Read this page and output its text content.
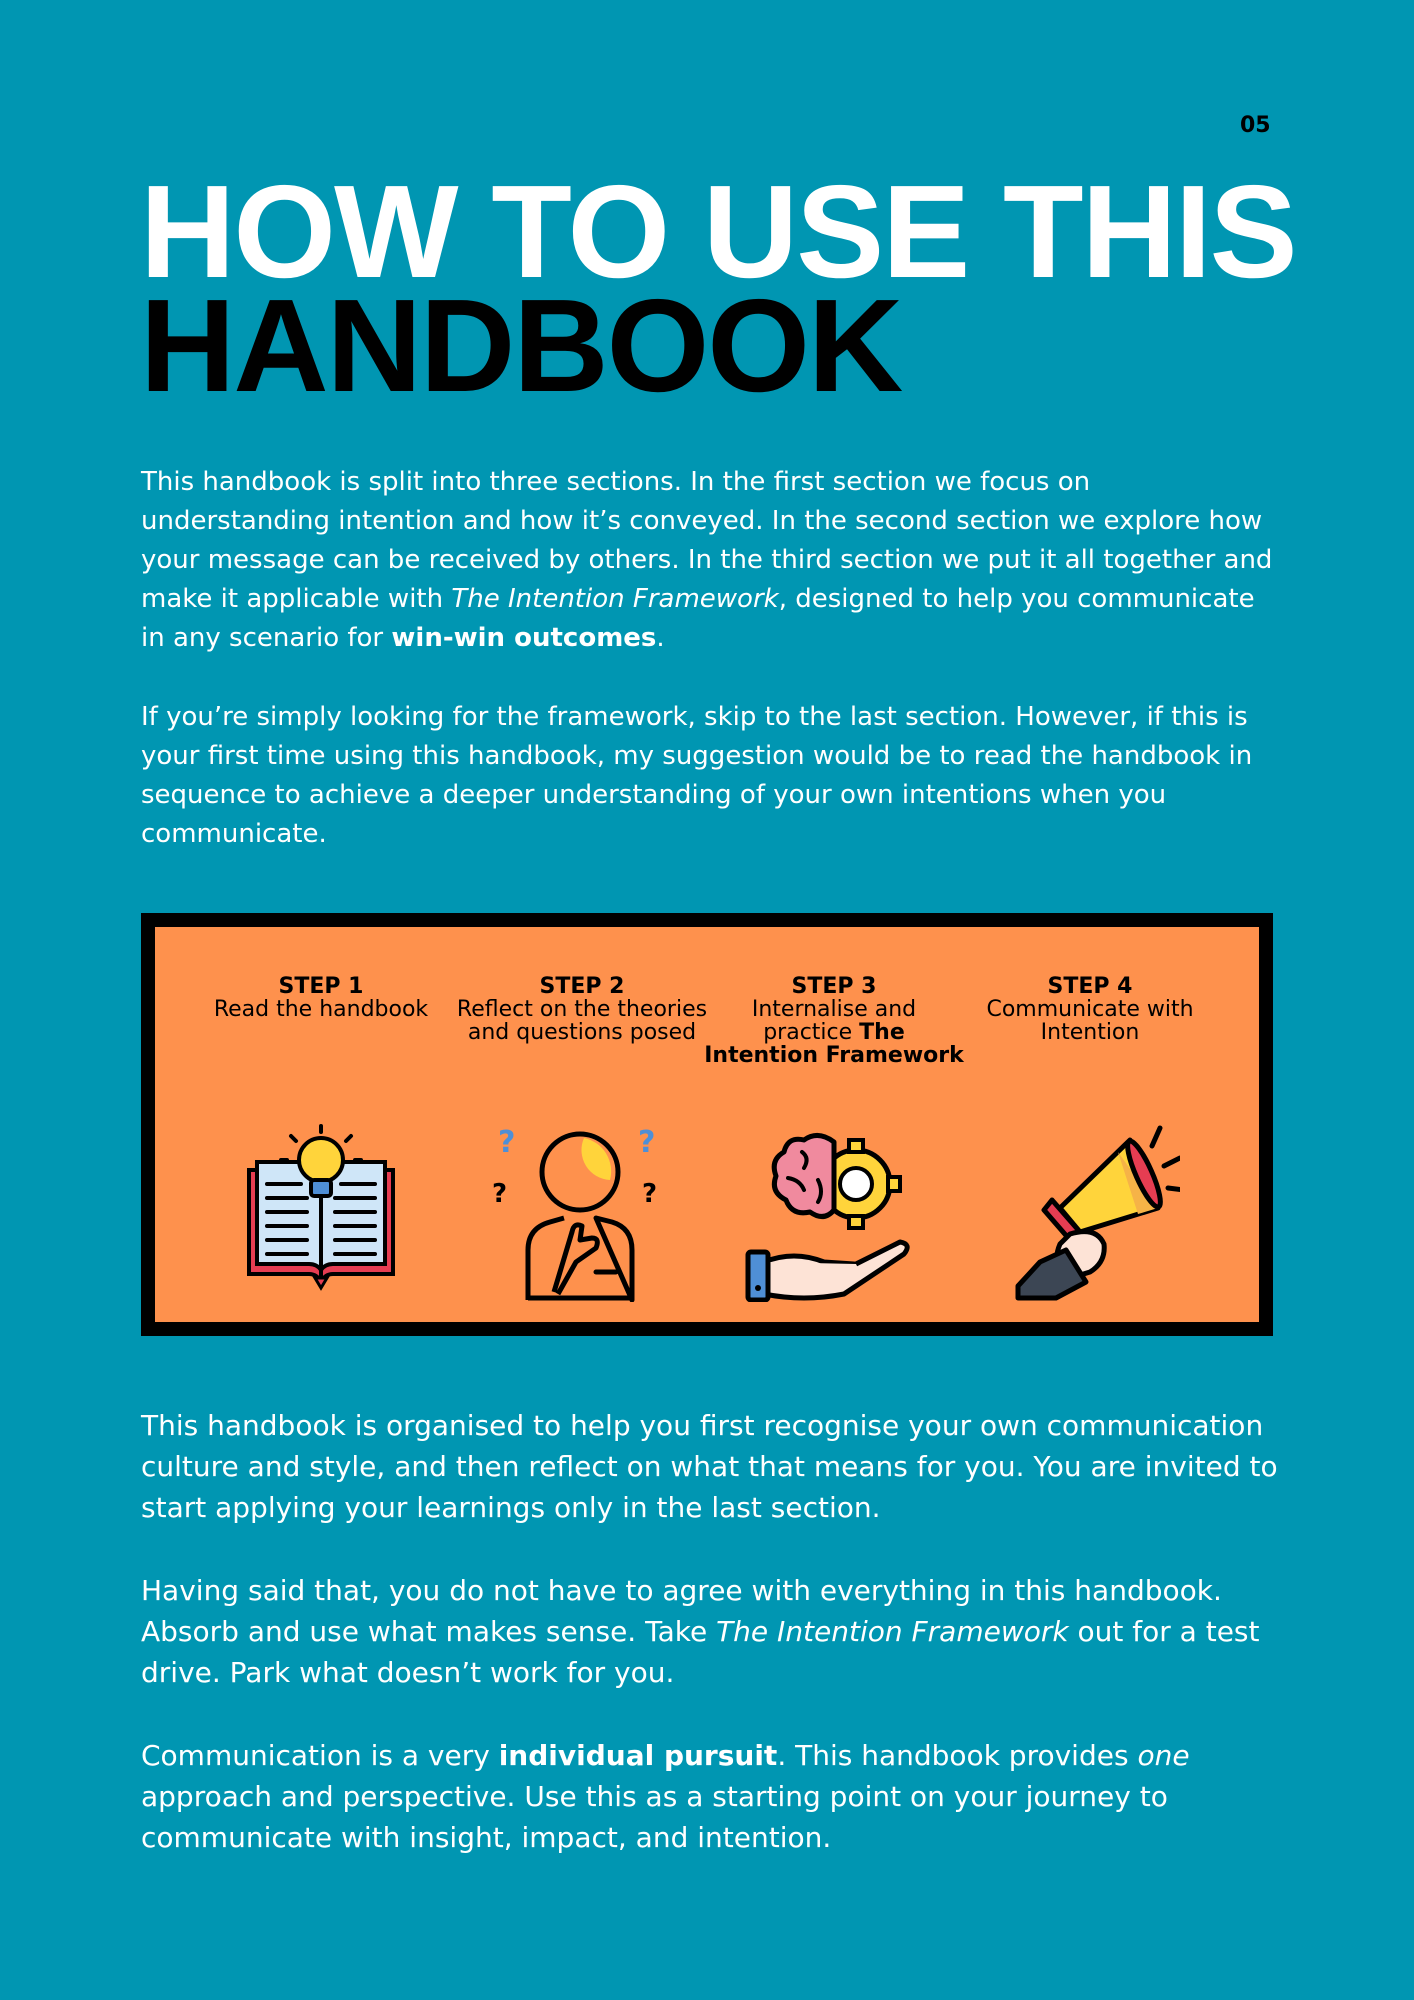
05
HOW TO USE THIS
HANDBOOK

This handbook is split into three sections. In the first section we focus on understanding intention and how it’s conveyed. In the second section we explore how your message can be received by others. In the third section we put it all together and make it applicable with The Intention Framework, designed to help you communicate in any scenario for win-win outcomes.

If you’re simply looking for the framework, skip to the last section. However, if this is your first time using this handbook, my suggestion would be to read the handbook in sequence to achieve a deeper understanding of your own intentions when you communicate.

STEP 1
Read the handbook
STEP 2
Reflect on the theories and questions posed
?	?
?	?
STEP 3
Internalise and practice The Intention Framework
STEP 4
Communicate with Intention

This handbook is organised to help you first recognise your own communication culture and style, and then reflect on what that means for you. You are invited to start applying your learnings only in the last section.

Having said that, you do not have to agree with everything in this handbook. Absorb and use what makes sense. Take The Intention Framework out for a test drive. Park what doesn’t work for you.

Communication is a very individual pursuit. This handbook provides one approach and perspective. Use this as a starting point on your journey to communicate with insight, impact, and intention.
